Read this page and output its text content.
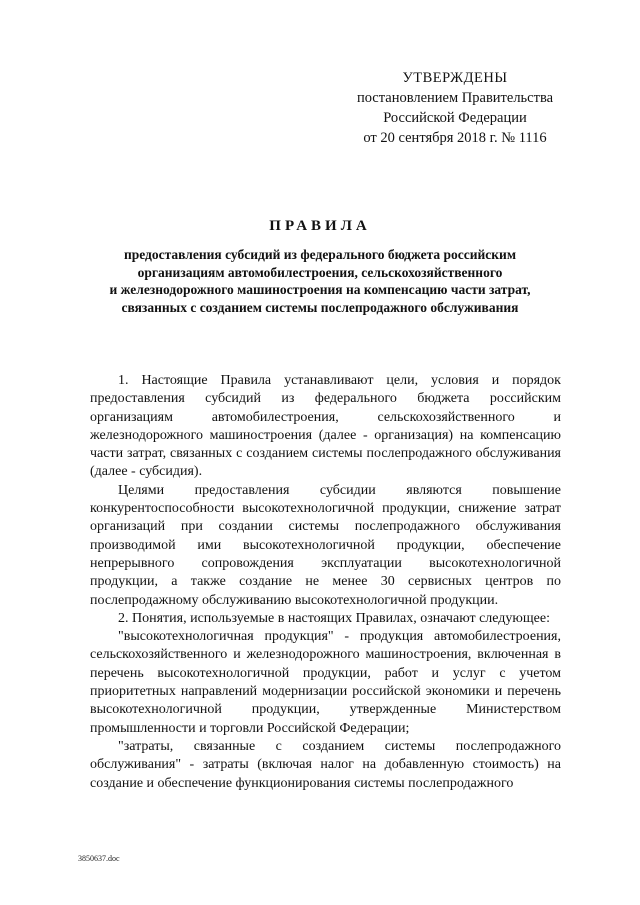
УТВЕРЖДЕНЫ
постановлением Правительства
Российской Федерации
от 20 сентября 2018 г. № 1116
ПРАВИЛА
предоставления субсидий из федерального бюджета российским
организациям автомобилестроения, сельскохозяйственного
и железнодорожного машиностроения на компенсацию части затрат,
связанных с созданием системы послепродажного обслуживания

1. Настоящие Правила устанавливают цели, условия и порядок предоставления субсидий из федерального бюджета российским организациям автомобилестроения, сельскохозяйственного и железнодорожного машиностроения (далее - организация) на компенсацию части затрат, связанных с созданием системы послепродажного обслуживания (далее - субсидия).

Целями предоставления субсидии являются повышение конкурентоспособности высокотехнологичной продукции, снижение затрат организаций при создании системы послепродажного обслуживания производимой ими высокотехнологичной продукции, обеспечение непрерывного сопровождения эксплуатации высокотехнологичной продукции, а также создание не менее 30 сервисных центров по послепродажному обслуживанию высокотехнологичной продукции.

2. Понятия, используемые в настоящих Правилах, означают следующее:

"высокотехнологичная продукция" - продукция автомобилестроения, сельскохозяйственного и железнодорожного машиностроения, включенная в перечень высокотехнологичной продукции, работ и услуг с учетом приоритетных направлений модернизации российской экономики и перечень высокотехнологичной продукции, утвержденные Министерством промышленности и торговли Российской Федерации;

"затраты, связанные с созданием системы послепродажного обслуживания" - затраты (включая налог на добавленную стоимость) на создание и обеспечение функционирования системы послепродажного

3850637.doc
